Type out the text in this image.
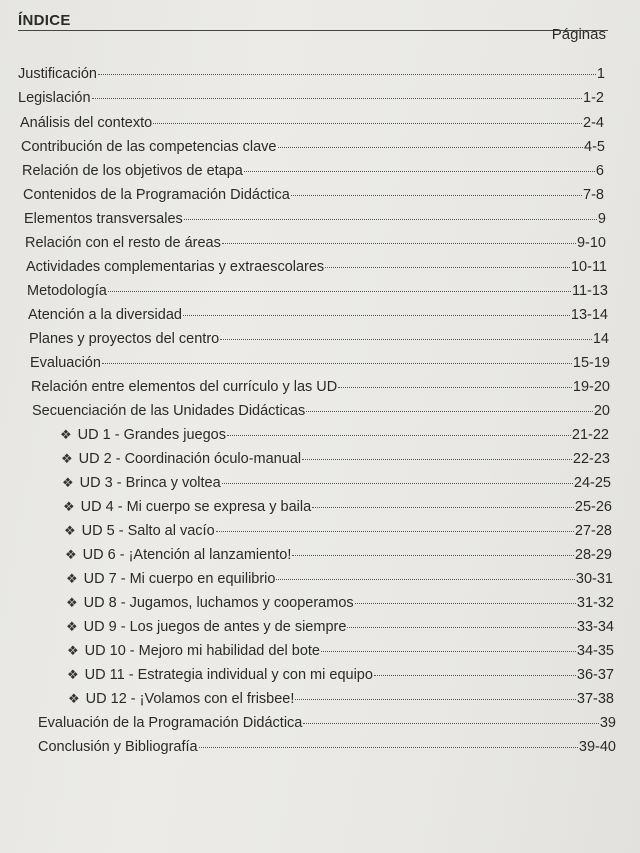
ÍNDICE
Páginas
Justificación	1
Legislación	1-2
Análisis del contexto	2-4
Contribución de las competencias clave	4-5
Relación de los objetivos de etapa	6
Contenidos de la Programación Didáctica	7-8
Elementos transversales	9
Relación con el resto de áreas	9-10
Actividades complementarias y extraescolares	10-11
Metodología	11-13
Atención a la diversidad	13-14
Planes y proyectos del centro	14
Evaluación	15-19
Relación entre elementos del currículo y las UD	19-20
Secuenciación de las Unidades Didácticas	20
❖ UD 1 - Grandes juegos	21-22
❖ UD 2 - Coordinación óculo-manual	22-23
❖ UD 3 - Brinca y voltea	24-25
❖ UD 4 - Mi cuerpo se expresa y baila	25-26
❖ UD 5 - Salto al vacío	27-28
❖ UD 6 - ¡Atención al lanzamiento!	28-29
❖ UD 7 - Mi cuerpo en equilibrio	30-31
❖ UD 8 - Jugamos, luchamos y cooperamos	31-32
❖ UD 9 - Los juegos de antes y de siempre	33-34
❖ UD 10 - Mejoro mi habilidad del bote	34-35
❖ UD 11 - Estrategia individual y con mi equipo	36-37
❖ UD 12 - ¡Volamos con el frisbee!	37-38
Evaluación de la Programación Didáctica	39
Conclusión y Bibliografía	39-40
